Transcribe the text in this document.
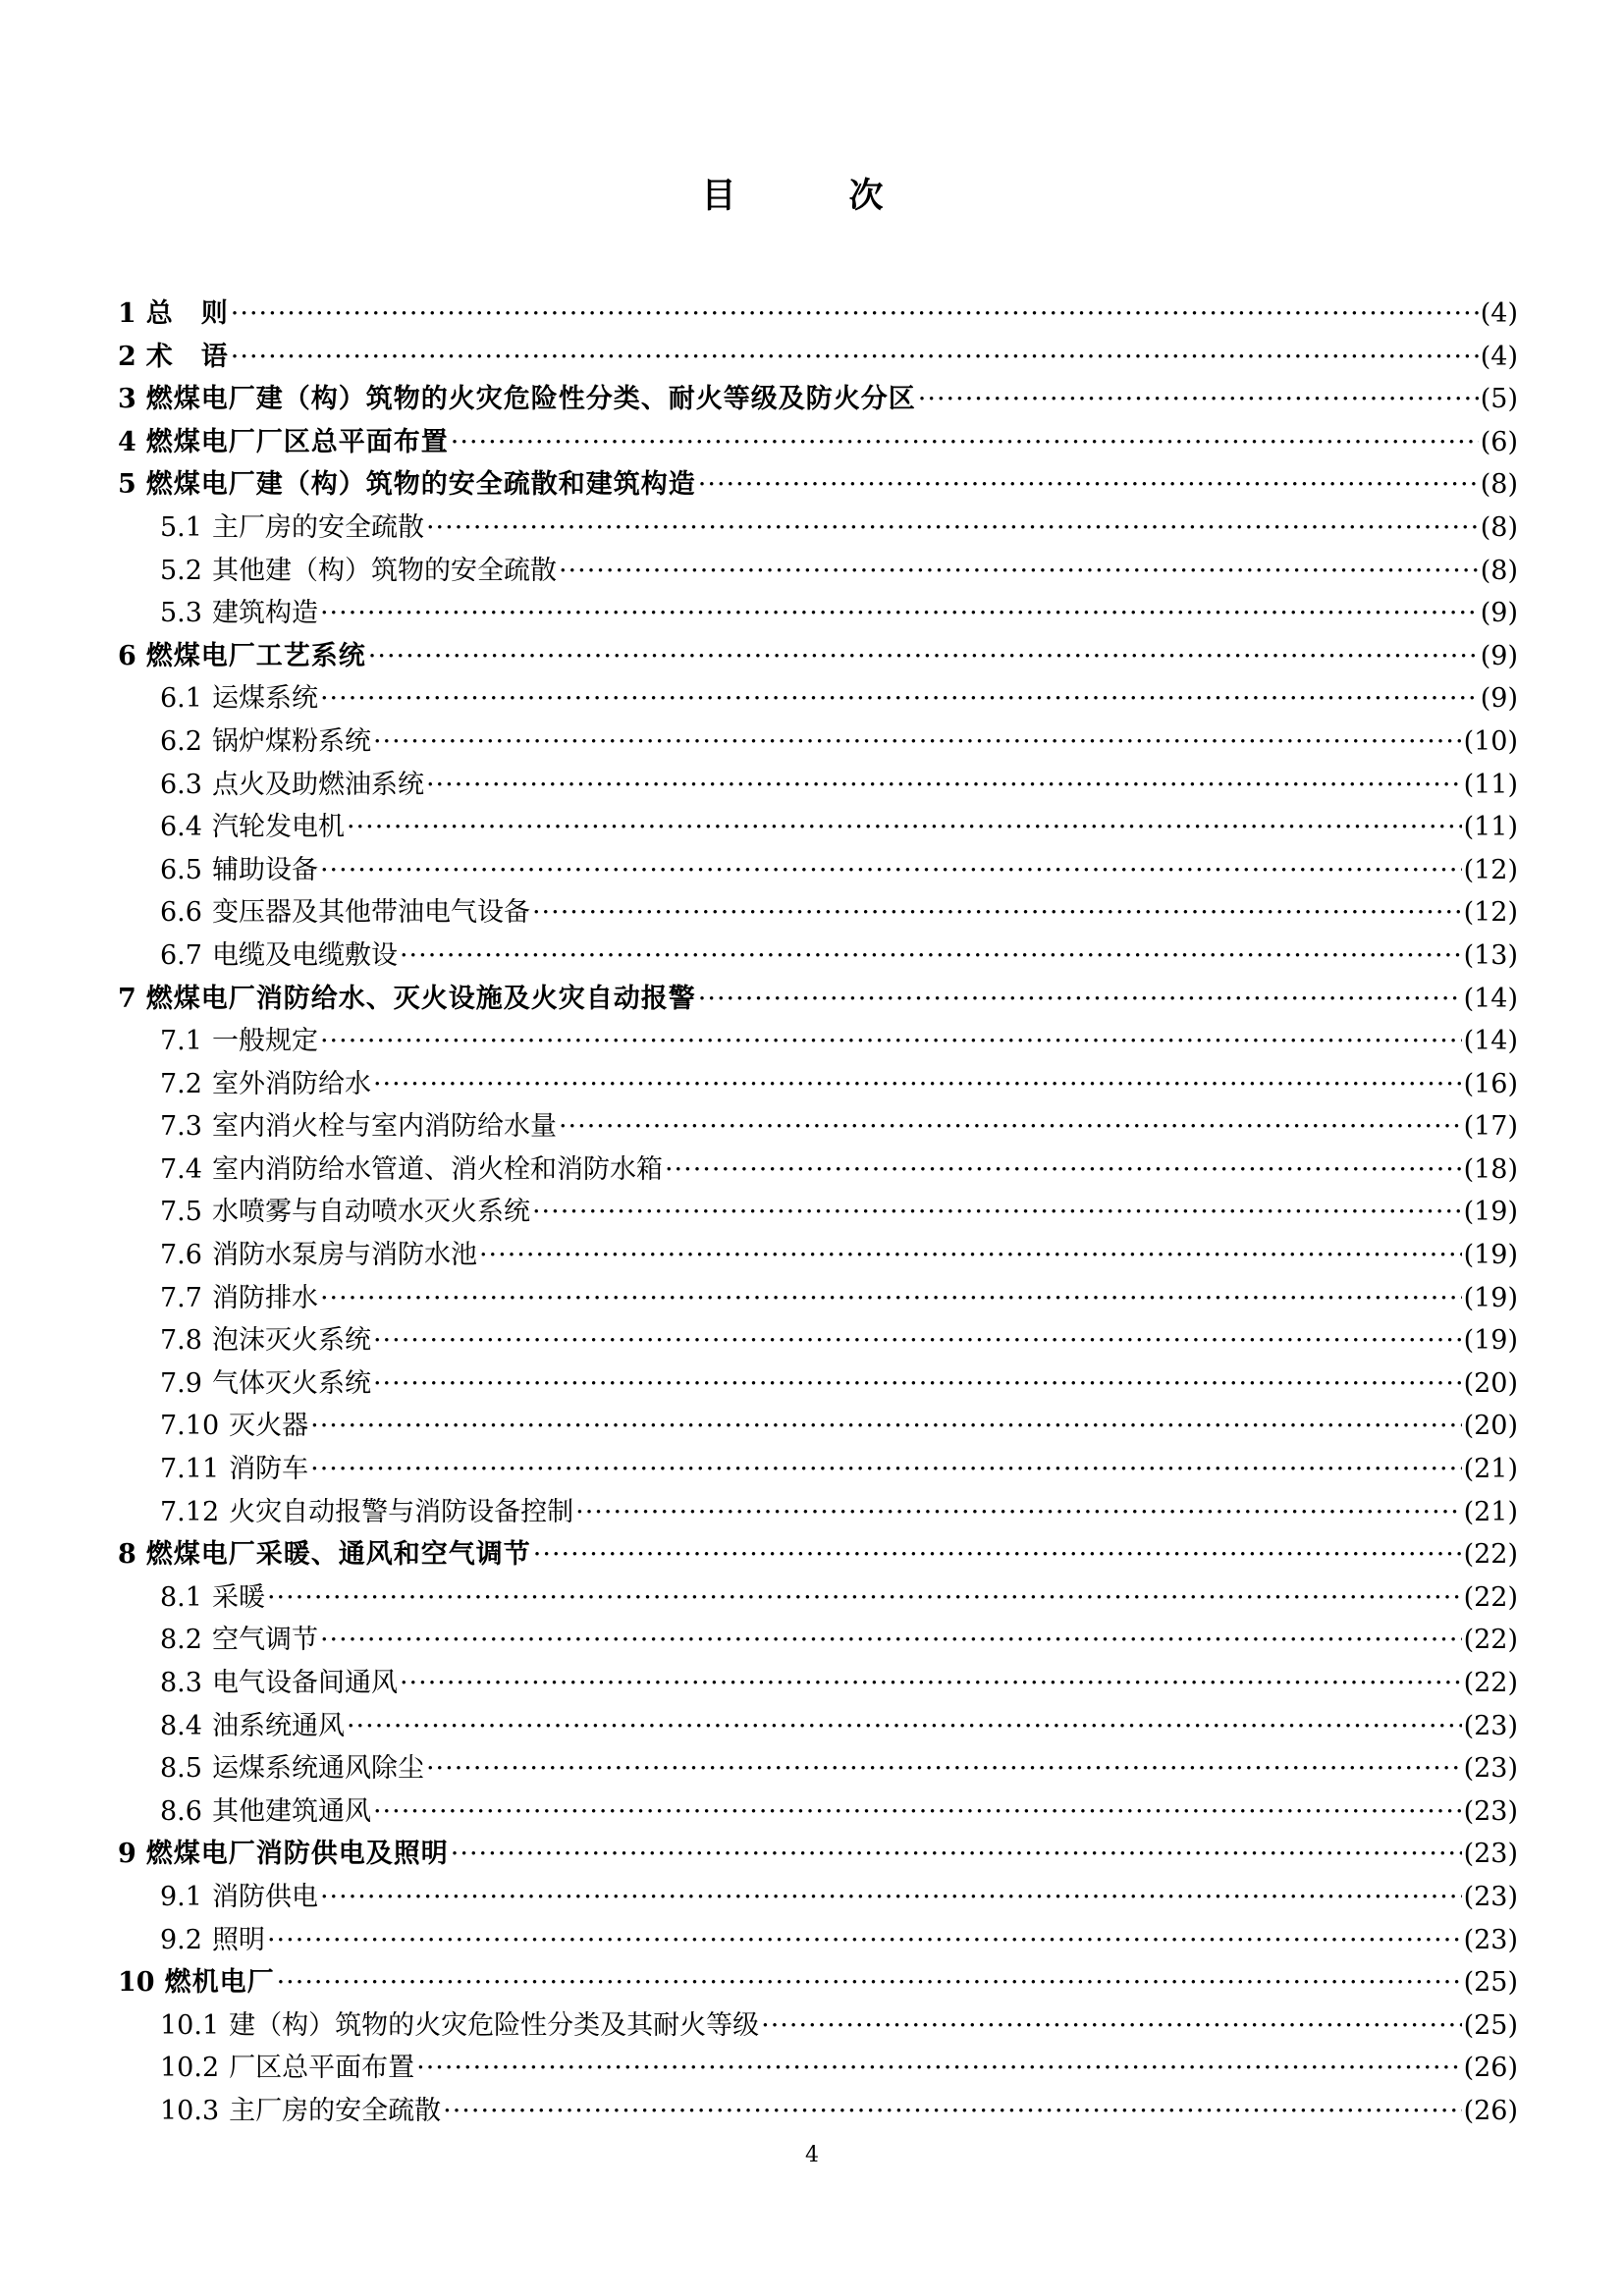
目　次
1 总　则 ·····	(4)
2 术　语 ·····	(4)
3 燃煤电厂建（构）筑物的火灾危险性分类、耐火等级及防火分区 ·····	(5)
4 燃煤电厂厂区总平面布置 ·····	(6)
5 燃煤电厂建（构）筑物的安全疏散和建筑构造 ·····	(8)
5.1 主厂房的安全疏散 ·····	(8)
5.2 其他建（构）筑物的安全疏散 ·····	(8)
5.3 建筑构造 ·····	(9)
6 燃煤电厂工艺系统 ·····	(9)
6.1 运煤系统 ·····	(9)
6.2 锅炉煤粉系统 ·····	(10)
6.3 点火及助燃油系统 ·····	(11)
6.4 汽轮发电机 ·····	(11)
6.5 辅助设备 ·····	(12)
6.6 变压器及其他带油电气设备 ·····	(12)
6.7 电缆及电缆敷设 ·····	(13)
7 燃煤电厂消防给水、灭火设施及火灾自动报警 ·····	(14)
7.1 一般规定 ·····	(14)
7.2 室外消防给水 ·····	(16)
7.3 室内消火栓与室内消防给水量 ·····	(17)
7.4 室内消防给水管道、消火栓和消防水箱 ·····	(18)
7.5 水喷雾与自动喷水灭火系统 ·····	(19)
7.6 消防水泵房与消防水池 ·····	(19)
7.7 消防排水 ·····	(19)
7.8 泡沫灭火系统 ·····	(19)
7.9 气体灭火系统 ·····	(20)
7.10 灭火器 ·····	(20)
7.11 消防车 ·····	(21)
7.12 火灾自动报警与消防设备控制 ·····	(21)
8 燃煤电厂采暖、通风和空气调节 ·····	(22)
8.1 采暖 ·····	(22)
8.2 空气调节 ·····	(22)
8.3 电气设备间通风 ·····	(22)
8.4 油系统通风 ·····	(23)
8.5 运煤系统通风除尘 ·····	(23)
8.6 其他建筑通风 ·····	(23)
9 燃煤电厂消防供电及照明 ·····	(23)
9.1 消防供电 ·····	(23)
9.2 照明 ·····	(23)
10 燃机电厂 ·····	(25)
10.1 建（构）筑物的火灾危险性分类及其耐火等级 ·····	(25)
10.2 厂区总平面布置 ·····	(26)
10.3 主厂房的安全疏散 ·····	(26)
4
